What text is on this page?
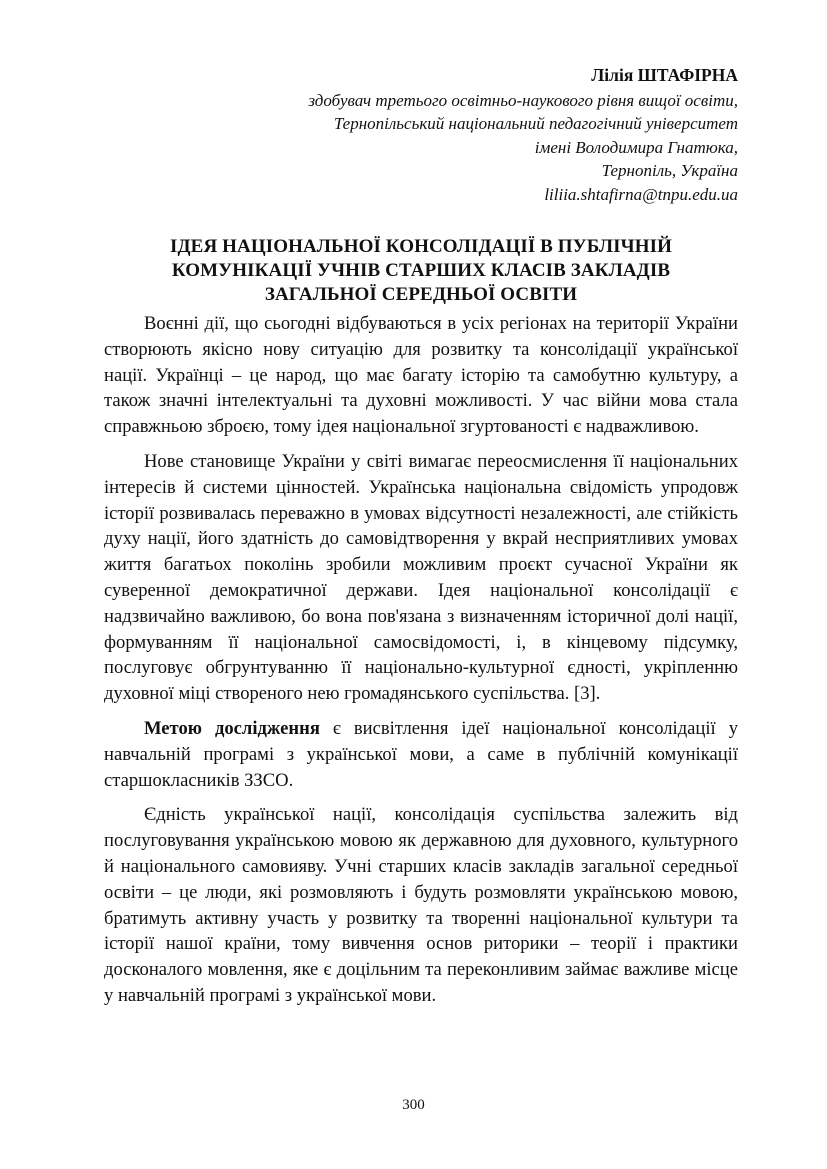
Лілія ШТАФІРНА
здобувач третього освітньо-наукового рівня вищої освіти,
Тернопільський національний педагогічний університет
імені Володимира Гнатюка,
Тернопіль, Україна
liliia.shtafirna@tnpu.edu.ua
ІДЕЯ НАЦІОНАЛЬНОЇ КОНСОЛІДАЦІЇ В ПУБЛІЧНІЙ
КОМУНІКАЦІЇ УЧНІВ СТАРШИХ КЛАСІВ ЗАКЛАДІВ
ЗАГАЛЬНОЇ СЕРЕДНЬОЇ ОСВІТИ

Воєнні дії, що сьогодні відбуваються в усіх регіонах на території України створюють якісно нову ситуацію для розвитку та консолідації української нації. Українці – це народ, що має багату історію та самобутню культуру, а також значні інтелектуальні та духовні можливості. У час війни мова стала справжньою зброєю, тому ідея національної згуртованості є надважливою.

Нове становище України у світі вимагає переосмислення її національних інтересів й системи цінностей. Українська національна свідомість упродовж історії розвивалась переважно в умовах відсутності незалежності, але стійкість духу нації, його здатність до самовідтворення у вкрай несприятливих умовах життя багатьох поколінь зробили можливим проєкт сучасної України як суверенної демократичної держави. Ідея національної консолідації є надзвичайно важливою, бо вона пов'язана з визначенням історичної долі нації, формуванням її національної самосвідомості, і, в кінцевому підсумку, послуговує обгрунтуванню її національно-культурної єдності, укріпленню духовної міці створеного нею громадянського суспільства. [3].

Метою дослідження є висвітлення ідеї національної консолідації у навчальній програмі з української мови, а саме в публічній комунікації старшокласників ЗЗСО.

Єдність української нації, консолідація суспільства залежить від послуговування українською мовою як державною для духовного, культурного й національного самовияву. Учні старших класів закладів загальної середньої освіти – це люди, які розмовляють і будуть розмовляти українською мовою, братимуть активну участь у розвитку та творенні національної культури та історії нашої країни, тому вивчення основ риторики – теорії і практики досконалого мовлення, яке є доцільним та переконливим займає важливе місце у навчальній програмі з української мови.

300
